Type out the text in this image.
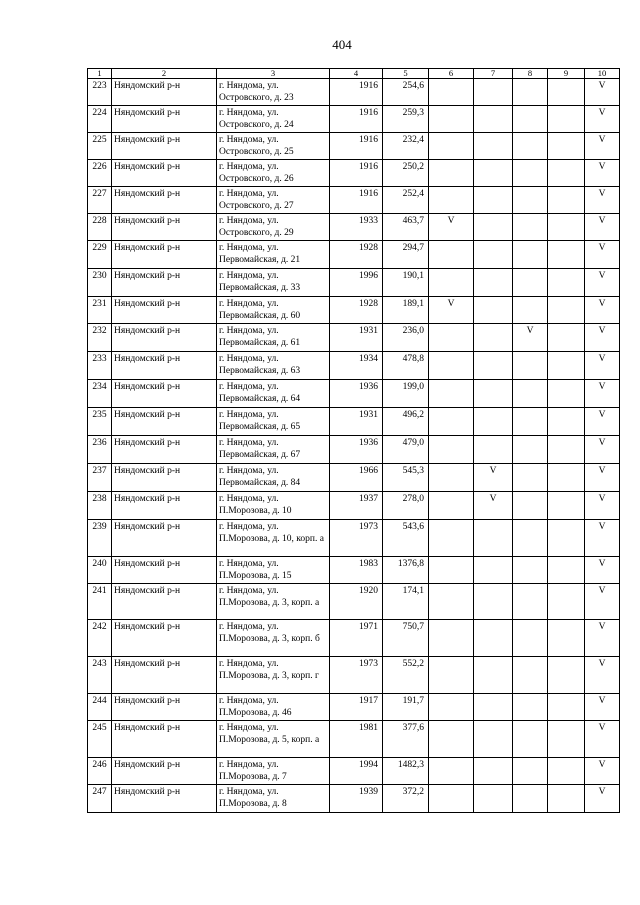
404
1	2	3	4	5	6	7	8	9	10
223	Няндомский р-н	г. Няндома, ул. Островского, д. 23	1916	254,6					V
224	Няндомский р-н	г. Няндома, ул. Островского, д. 24	1916	259,3					V
225	Няндомский р-н	г. Няндома, ул. Островского, д. 25	1916	232,4					V
226	Няндомский р-н	г. Няндома, ул. Островского, д. 26	1916	250,2					V
227	Няндомский р-н	г. Няндома, ул. Островского, д. 27	1916	252,4					V
228	Няндомский р-н	г. Няндома, ул. Островского, д. 29	1933	463,7	V				V
229	Няндомский р-н	г. Няндома, ул. Первомайская, д. 21	1928	294,7					V
230	Няндомский р-н	г. Няндома, ул. Первомайская, д. 33	1996	190,1					V
231	Няндомский р-н	г. Няндома, ул. Первомайская, д. 60	1928	189,1	V				V
232	Няндомский р-н	г. Няндома, ул. Первомайская, д. 61	1931	236,0			V		V
233	Няндомский р-н	г. Няндома, ул. Первомайская, д. 63	1934	478,8					V
234	Няндомский р-н	г. Няндома, ул. Первомайская, д. 64	1936	199,0					V
235	Няндомский р-н	г. Няндома, ул. Первомайская, д. 65	1931	496,2					V
236	Няндомский р-н	г. Няндома, ул. Первомайская, д. 67	1936	479,0					V
237	Няндомский р-н	г. Няндома, ул. Первомайская, д. 84	1966	545,3		V			V
238	Няндомский р-н	г. Няндома, ул. П.Морозова, д. 10	1937	278,0		V			V
239	Няндомский р-н	г. Няндома, ул. П.Морозова, д. 10, корп. а	1973	543,6					V
240	Няндомский р-н	г. Няндома, ул. П.Морозова, д. 15	1983	1376,8					V
241	Няндомский р-н	г. Няндома, ул. П.Морозова, д. 3, корп. а	1920	174,1					V
242	Няндомский р-н	г. Няндома, ул. П.Морозова, д. 3, корп. б	1971	750,7					V
243	Няндомский р-н	г. Няндома, ул. П.Морозова, д. 3, корп. г	1973	552,2					V
244	Няндомский р-н	г. Няндома, ул. П.Морозова, д. 46	1917	191,7					V
245	Няндомский р-н	г. Няндома, ул. П.Морозова, д. 5, корп. а	1981	377,6					V
246	Няндомский р-н	г. Няндома, ул. П.Морозова, д. 7	1994	1482,3					V
247	Няндомский р-н	г. Няндома, ул. П.Морозова, д. 8	1939	372,2					V
